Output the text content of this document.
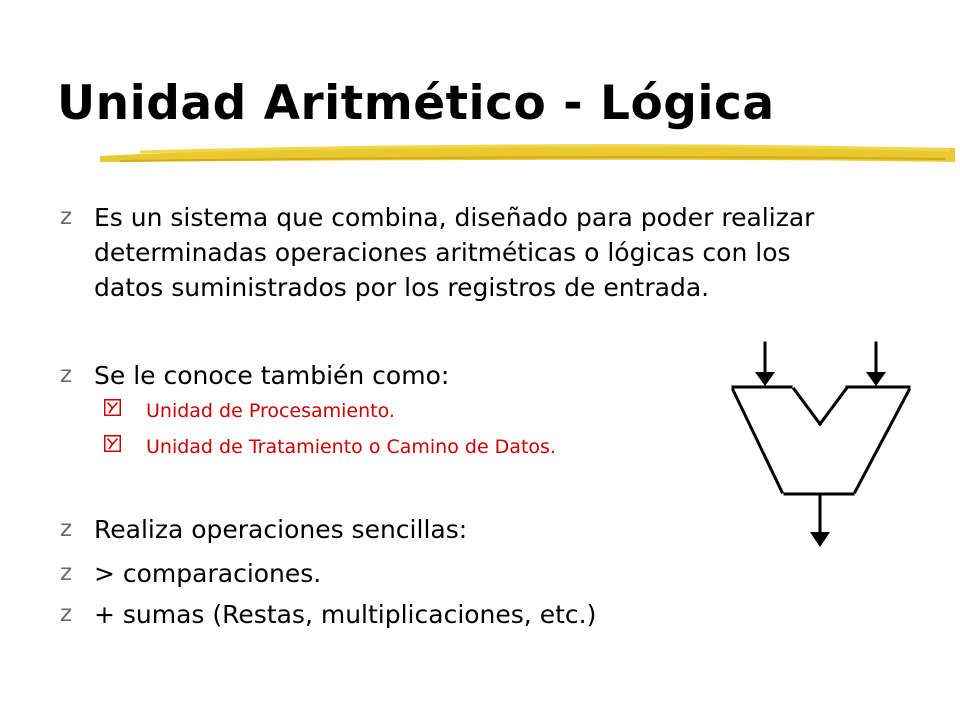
Unidad Aritmético - Lógica
z Es un sistema que combina, diseñado para poder realizar
determinadas operaciones aritméticas o lógicas con los
datos suministrados por los registros de entrada.
z Se le conoce también como:
Unidad de Procesamiento.
Unidad de Tratamiento o Camino de Datos.
z Realiza operaciones sencillas:
z > comparaciones.
z + sumas (Restas, multiplicaciones, etc.)
